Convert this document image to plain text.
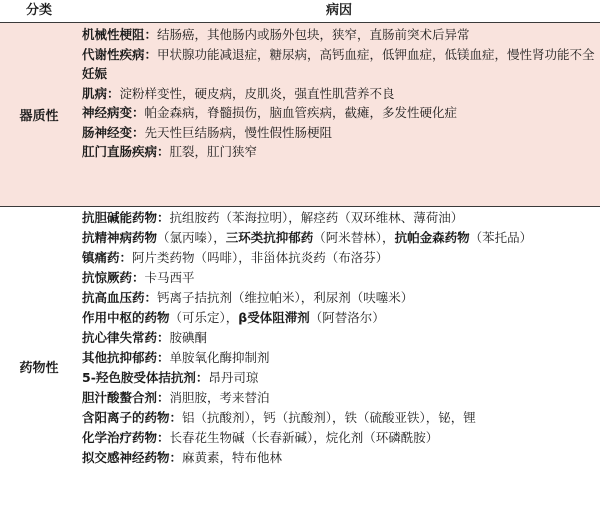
分类	病因
器质性
机械性梗阻：结肠癌，其他肠内或肠外包块，狭窄，直肠前突术后异常
代谢性疾病：甲状腺功能减退症，糖尿病，高钙血症，低钾血症，低镁血症，慢性肾功能不全
妊娠
肌病：淀粉样变性，硬皮病，皮肌炎，强直性肌营养不良
神经病变：帕金森病，脊髓损伤，脑血管疾病，截瘫，多发性硬化症
肠神经变：先天性巨结肠病，慢性假性肠梗阻
肛门直肠疾病：肛裂，肛门狭窄
药物性
抗胆碱能药物：抗组胺药（苯海拉明），解痉药（双环维林、薄荷油）
抗精神病药物（氯丙嗪），三环类抗抑郁药（阿米替林），抗帕金森药物（苯托品）
镇痛药：阿片类药物（吗啡），非甾体抗炎药（布洛芬）
抗惊厥药：卡马西平
抗高血压药：钙离子拮抗剂（维拉帕米），利尿剂（呋噻米）
作用中枢的药物（可乐定），β受体阻滞剂（阿替洛尔）
抗心律失常药：胺碘酮
其他抗抑郁药：单胺氧化酶抑制剂
5-羟色胺受体拮抗剂：昂丹司琼
胆汁酸螯合剂：消胆胺，考来替泊
含阳离子的药物：铝（抗酸剂），钙（抗酸剂），铁（硫酸亚铁），铋，锂
化学治疗药物：长春花生物碱（长春新碱），烷化剂（环磷酰胺）
拟交感神经药物：麻黄素，特布他林
